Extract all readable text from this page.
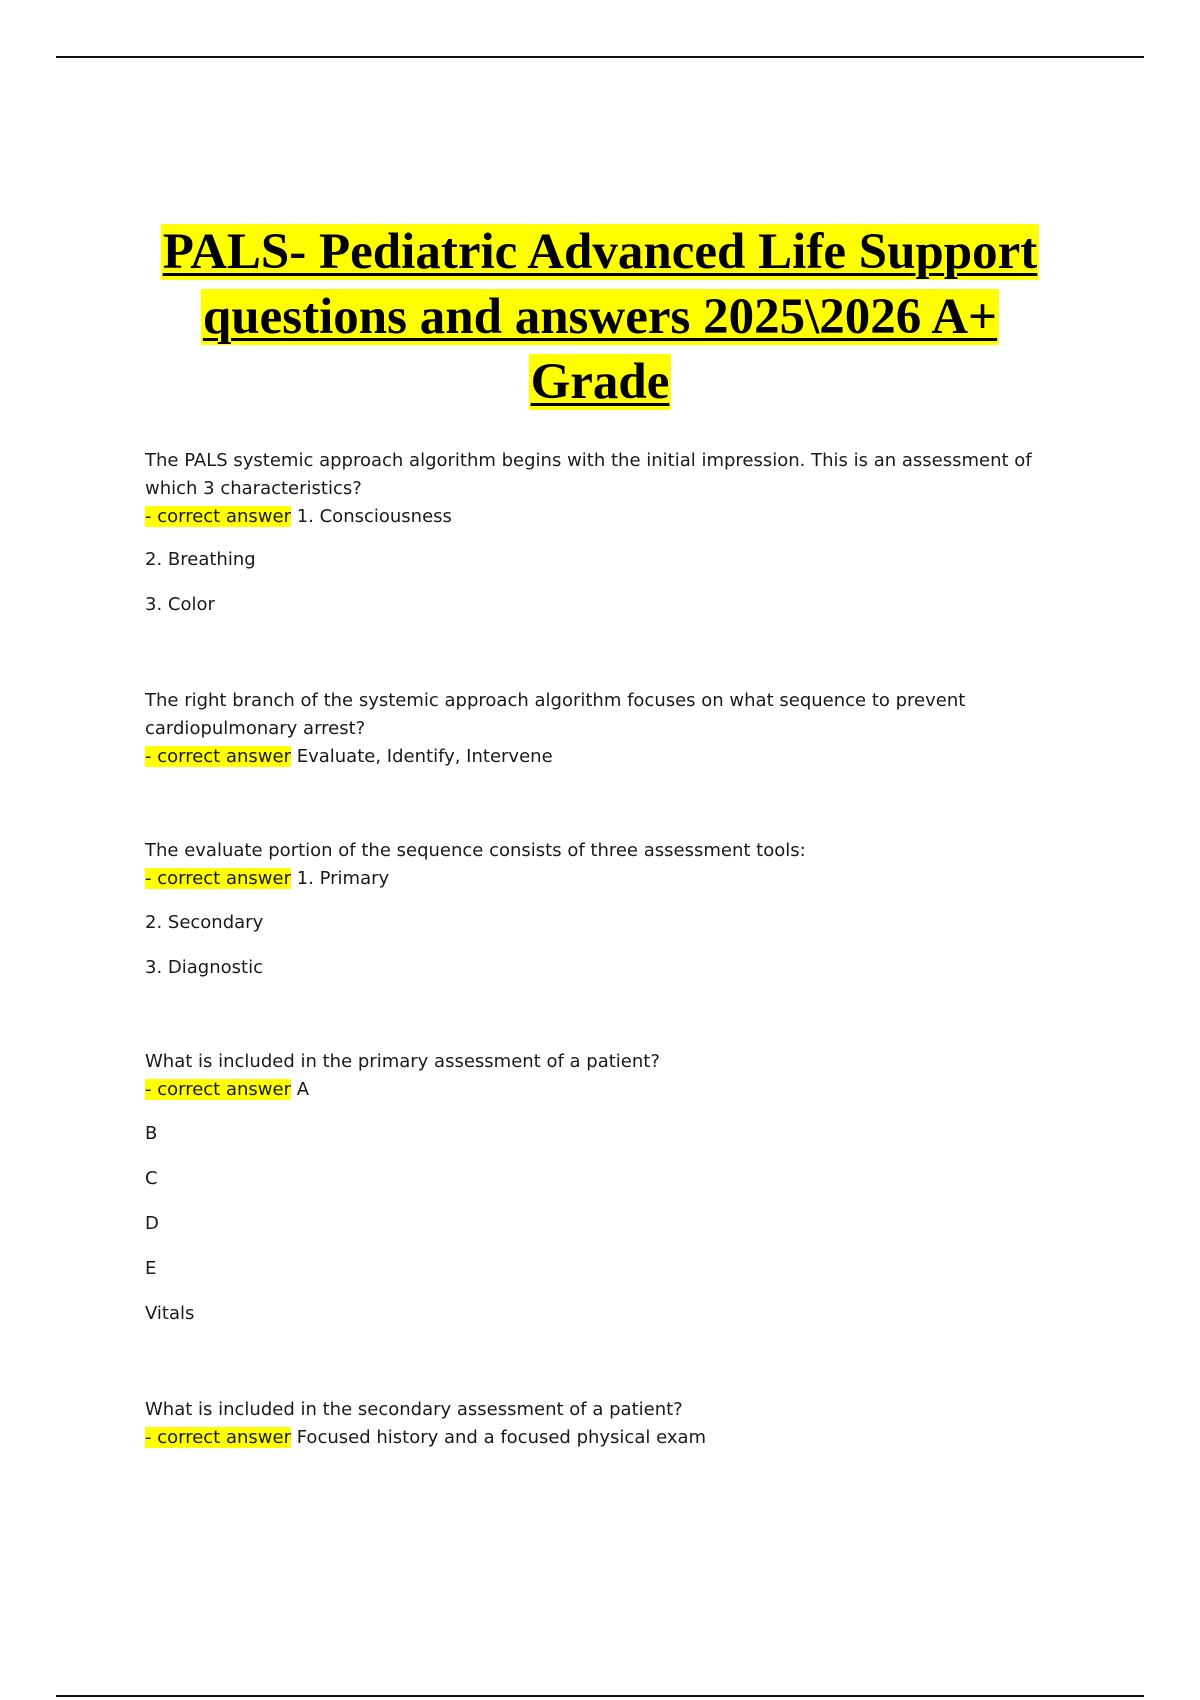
PALS- Pediatric Advanced Life Support
questions and answers 2025\2026 A+
Grade

The PALS systemic approach algorithm begins with the initial impression. This is an assessment of which 3 characteristics?

- correct answer 1. Consciousness

2. Breathing

3. Color

The right branch of the systemic approach algorithm focuses on what sequence to prevent cardiopulmonary arrest?

- correct answer Evaluate, Identify, Intervene

The evaluate portion of the sequence consists of three assessment tools:

- correct answer 1. Primary

2. Secondary

3. Diagnostic

What is included in the primary assessment of a patient?

- correct answer A

B

C

D

E

Vitals

What is included in the secondary assessment of a patient?

- correct answer Focused history and a focused physical exam
